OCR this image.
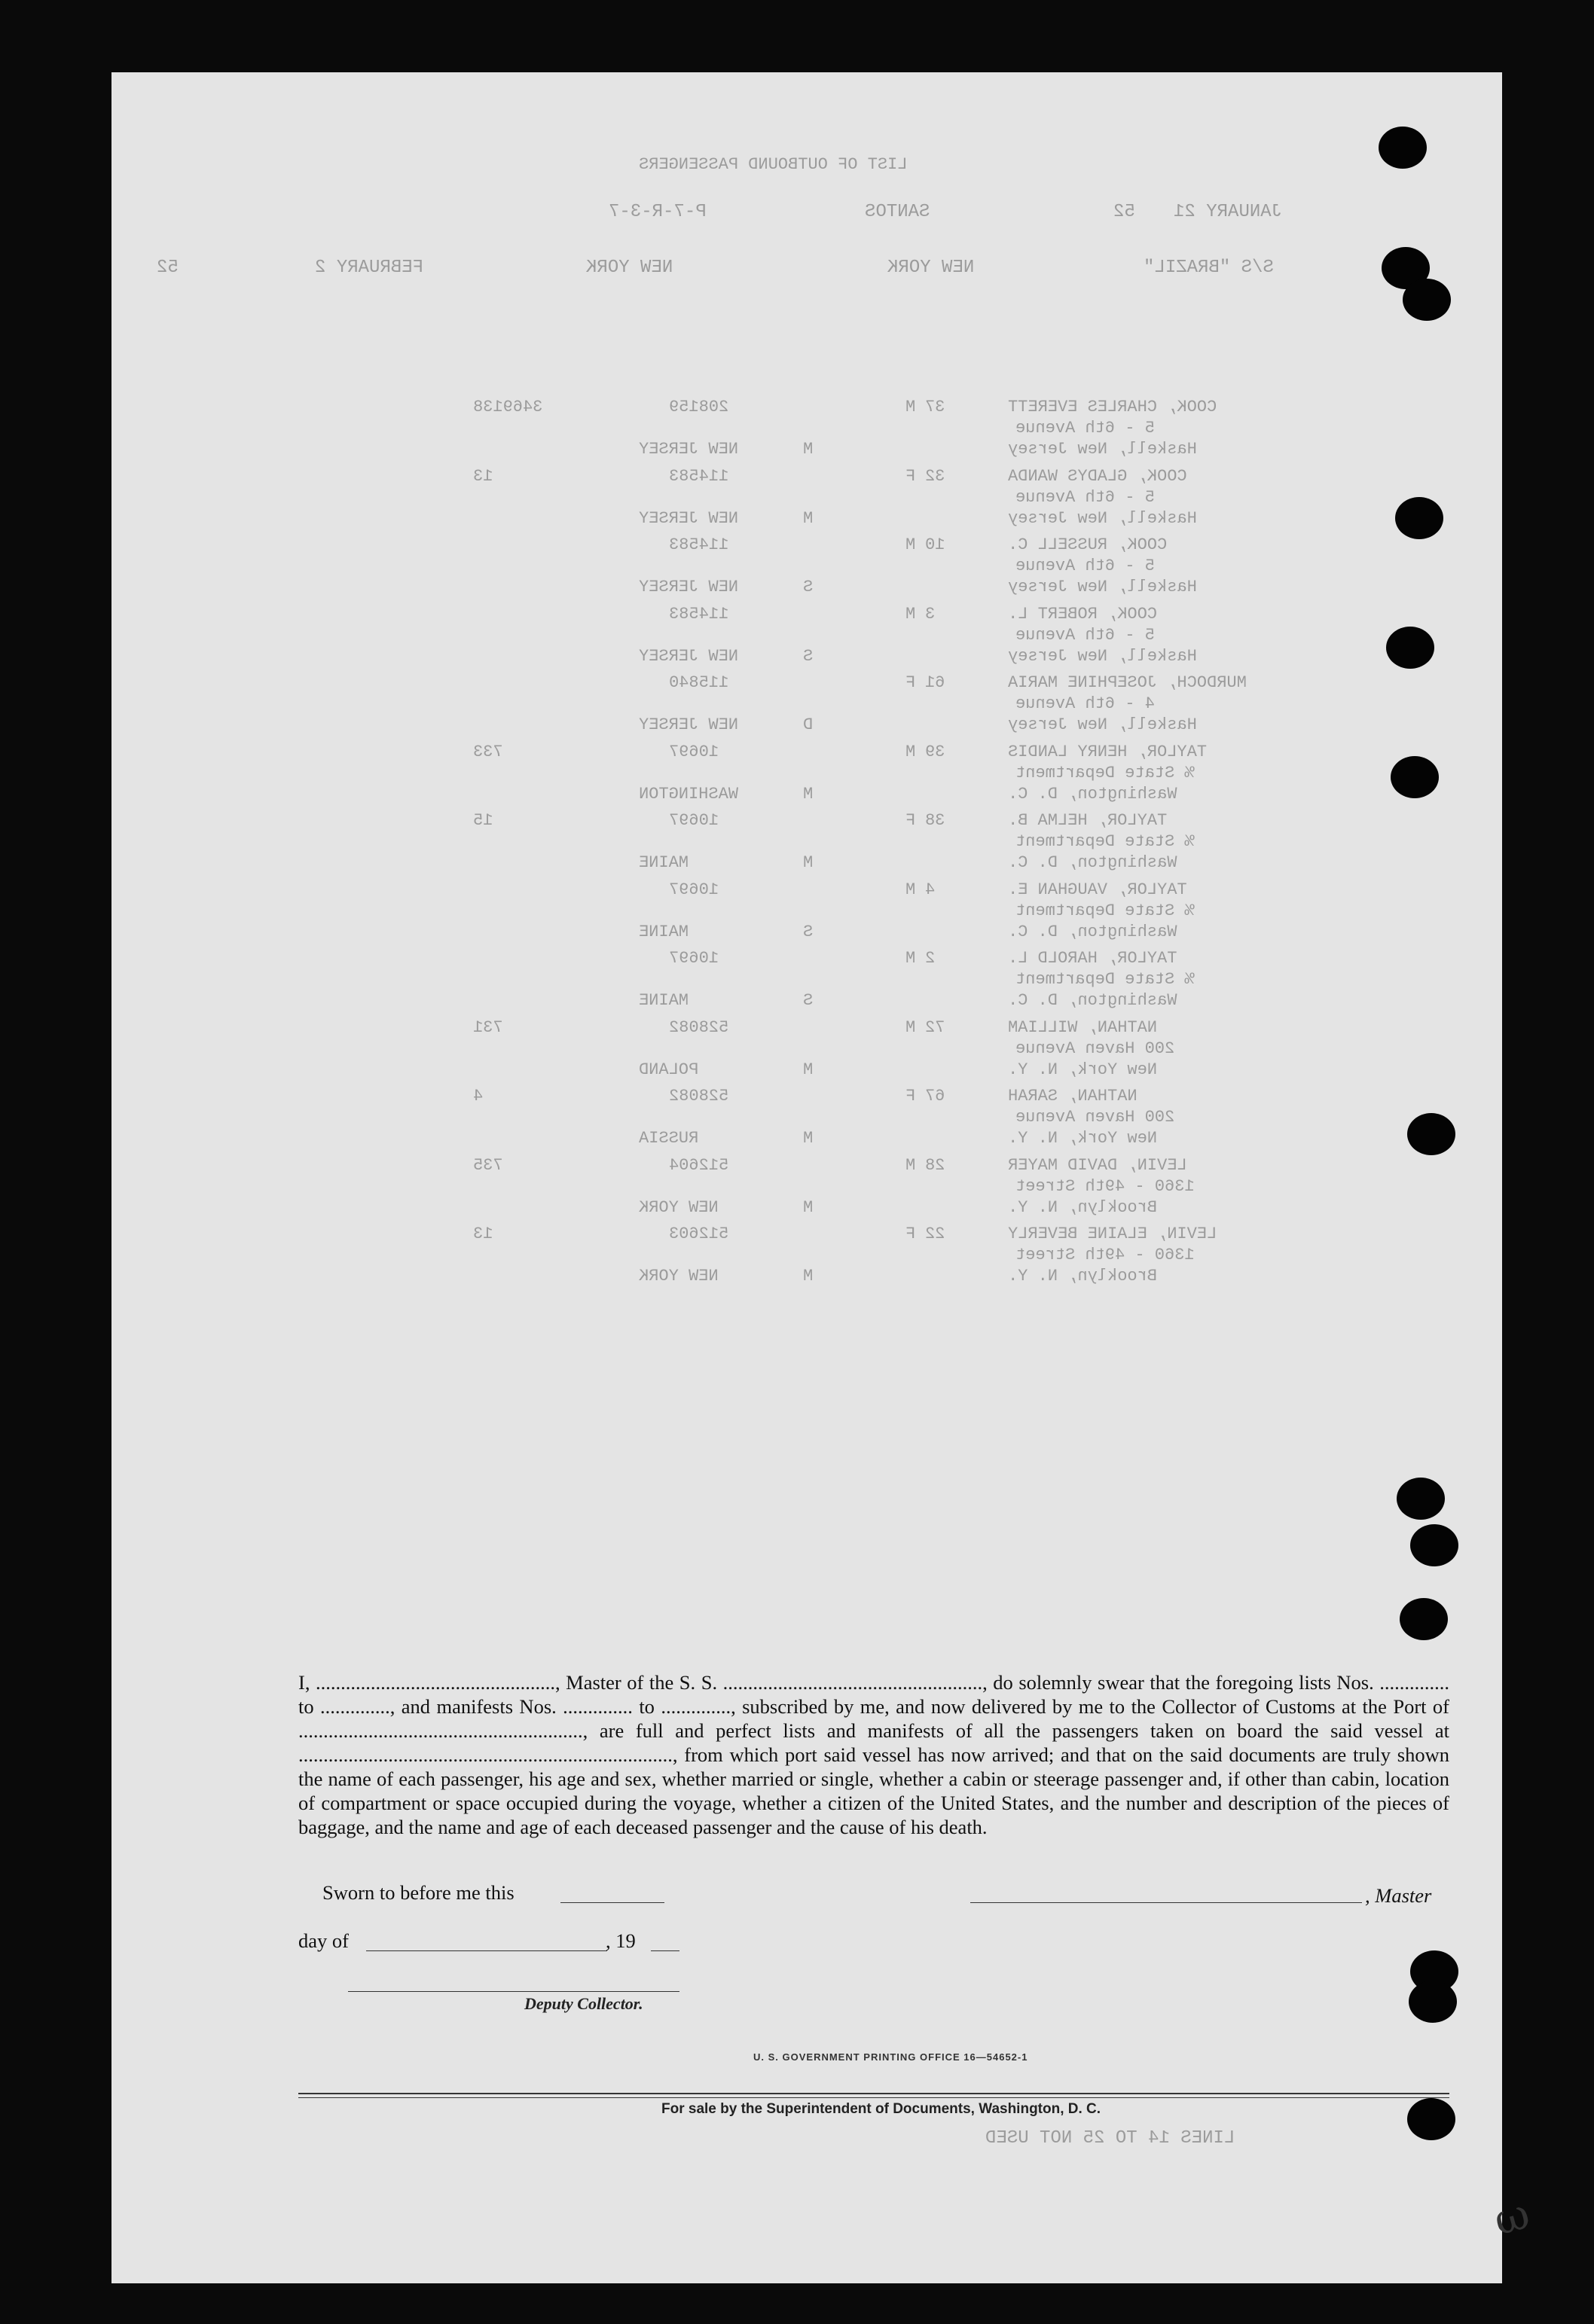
LIST OF OUTBOUND PASSENGERS
JANUARY 21
52
SANTOS
P-7-R-3-7
S/S "BRAZIL"
NEW YORK
NEW YORK
FEBRUARY 2
52
COOK, CHARLES EVERETT
5 - 6th Avenue
Haskell, New Jersey
37
M
M
NEW JERSEY
208159
3469138
COOK, GLADYS WANDA
5 - 6th Avenue
Haskell, New Jersey
32
F
M
NEW JERSEY
114583
13
COOK, RUSSELL C.
5 - 6th Avenue
Haskell, New Jersey
10
M
S
NEW JERSEY
114583
COOK, ROBERT L.
5 - 6th Avenue
Haskell, New Jersey
3
M
S
NEW JERSEY
114583
MURDOCH, JOSEPHINE MARIA
4 - 6th Avenue
Haskell, New Jersey
61
F
D
NEW JERSEY
115840
TAYLOR, HENRY LANDIS
% State Department
Washington, D. C.
39
M
M
WASHINGTON
10697
733
TAYLOR, HELMA B.
% State Department
Washington, D. C.
38
F
M
MAINE
10697
15
TAYLOR, VAUGHAN E.
% State Department
Washington, D. C.
4
M
S
MAINE
10697
TAYLOR, HAROLD L.
% State Department
Washington, D. C.
2
M
S
MAINE
10697
NATHAN, WILLIAM
200 Haven Avenue
New York, N. Y.
72
M
M
POLAND
528082
731
NATHAN, SARAH
200 Haven Avenue
New York, N. Y.
67
F
M
RUSSIA
528082
4
LEVIN, DAVID MAYER
1360 - 49th Street
Brooklyn, N. Y.
28
M
M
NEW YORK
512604
735
LEVIN, ELAINE BEVERLY
1360 - 49th Street
Brooklyn, N. Y.
22
F
M
NEW YORK
512603
13
LINES 14 TO 25 NOT USED

I, ................................................, Master of the S. S. ...................................................., do solemnly swear that the foregoing lists Nos. .............. to .............., and manifests Nos. .............. to .............., subscribed by me, and now delivered by me to the Collector of Customs at the Port of ........................................................., are full and perfect lists and manifests of all the passengers taken on board the said vessel at ..........................................................................., from which port said vessel has now arrived; and that on the said documents are truly shown the name of each passenger, his age and sex, whether married or single, whether a cabin or steerage passenger and, if other than cabin, location of compartment or space occupied during the voyage, whether a citizen of the United States, and the number and description of the pieces of baggage, and the name and age of each deceased passenger and the cause of his death.

Sworn to before me this	, Master
day of	, 19
Deputy Collector.
U. S. GOVERNMENT PRINTING OFFICE 16—54652-1
For sale by the Superintendent of Documents, Washington, D. C.
ω
